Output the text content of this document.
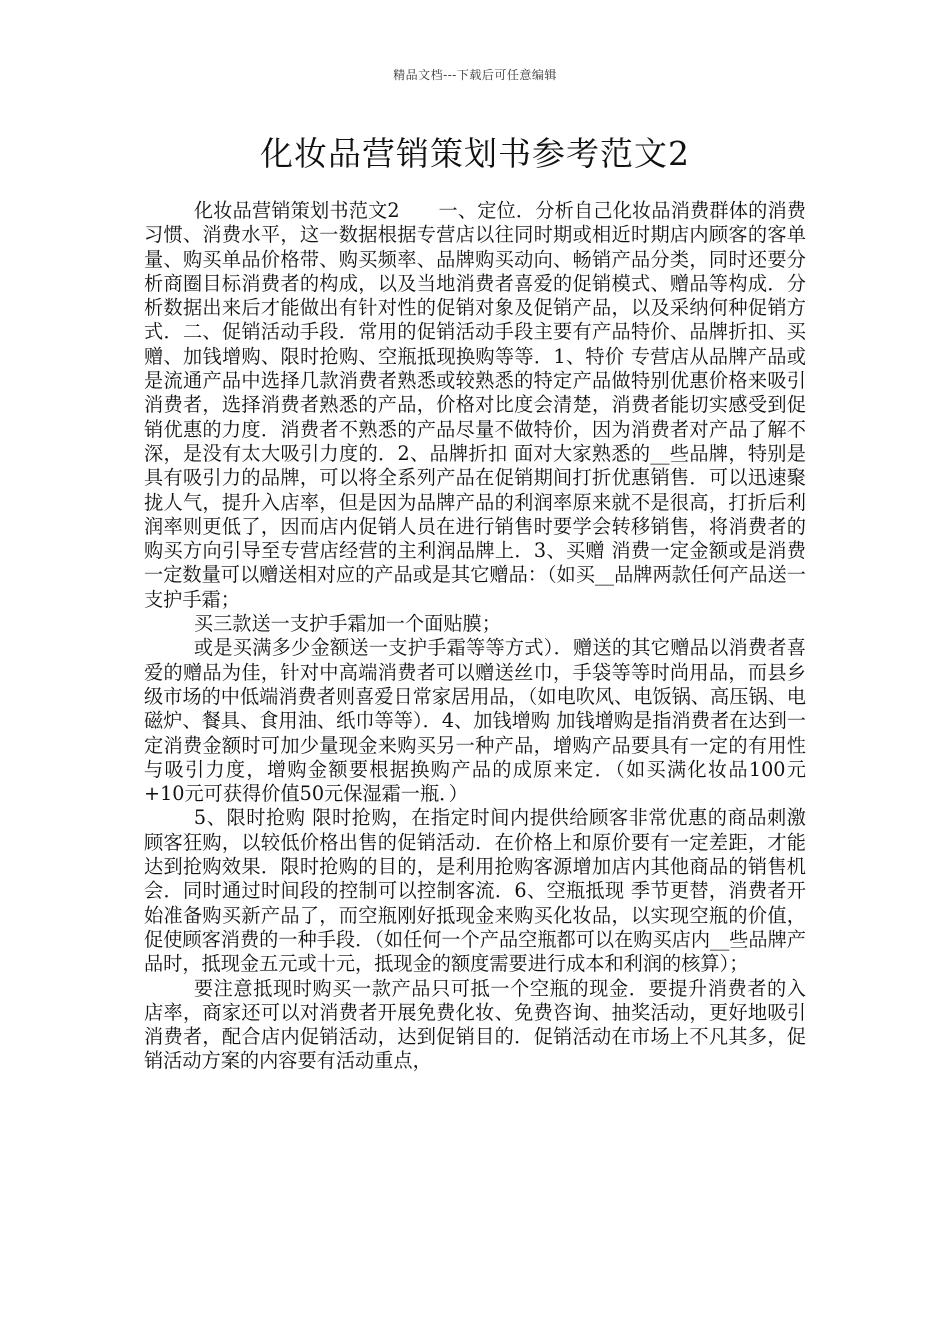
精品文档---下载后可任意编辑
化妆品营销策划书参考范文2

化妆品营销策划书范文2　　一、定位．分析自己化妆品消费群体的消费习惯、消费水平，这一数据根据专营店以往同时期或相近时期店内顾客的客单量、购买单品价格带、购买频率、品牌购买动向、畅销产品分类，同时还要分析商圈目标消费者的构成，以及当地消费者喜爱的促销模式、赠品等构成．分析数据出来后才能做出有针对性的促销对象及促销产品，以及采纳何种促销方式．二、促销活动手段．常用的促销活动手段主要有产品特价、品牌折扣、买赠、加钱增购、限时抢购、空瓶抵现换购等等．1、特价 专营店从品牌产品或是流通产品中选择几款消费者熟悉或较熟悉的特定产品做特别优惠价格来吸引消费者，选择消费者熟悉的产品，价格对比度会清楚，消费者能切实感受到促销优惠的力度．消费者不熟悉的产品尽量不做特价，因为消费者对产品了解不深，是没有太大吸引力度的．2、品牌折扣 面对大家熟悉的__些品牌，特别是具有吸引力的品牌，可以将全系列产品在促销期间打折优惠销售．可以迅速聚拢人气，提升入店率，但是因为品牌产品的利润率原来就不是很高，打折后利润率则更低了，因而店内促销人员在进行销售时要学会转移销售，将消费者的购买方向引导至专营店经营的主利润品牌上．3、买赠 消费一定金额或是消费一定数量可以赠送相对应的产品或是其它赠品：（如买__品牌两款任何产品送一支护手霜；

买三款送一支护手霜加一个面贴膜；

或是买满多少金额送一支护手霜等等方式）．赠送的其它赠品以消费者喜爱的赠品为佳，针对中高端消费者可以赠送丝巾，手袋等等时尚用品，而县乡级市场的中低端消费者则喜爱日常家居用品，（如电吹风、电饭锅、高压锅、电磁炉、餐具、食用油、纸巾等等）．4、加钱增购 加钱增购是指消费者在达到一定消费金额时可加少量现金来购买另一种产品，增购产品要具有一定的有用性与吸引力度，增购金额要根据换购产品的成原来定．（如买满化妆品100元+10元可获得价值50元保湿霜一瓶．）

5、限时抢购 限时抢购，在指定时间内提供给顾客非常优惠的商品刺激顾客狂购，以较低价格出售的促销活动．在价格上和原价要有一定差距，才能达到抢购效果．限时抢购的目的，是利用抢购客源增加店内其他商品的销售机会．同时通过时间段的控制可以控制客流．6、空瓶抵现 季节更替，消费者开始准备购买新产品了，而空瓶刚好抵现金来购买化妆品，以实现空瓶的价值，促使顾客消费的一种手段．（如任何一个产品空瓶都可以在购买店内__些品牌产品时，抵现金五元或十元，抵现金的额度需要进行成本和利润的核算）；

要注意抵现时购买一款产品只可抵一个空瓶的现金．要提升消费者的入店率，商家还可以对消费者开展免费化妆、免费咨询、抽奖活动，更好地吸引消费者，配合店内促销活动，达到促销目的．促销活动在市场上不凡其多，促销活动方案的内容要有活动重点，
